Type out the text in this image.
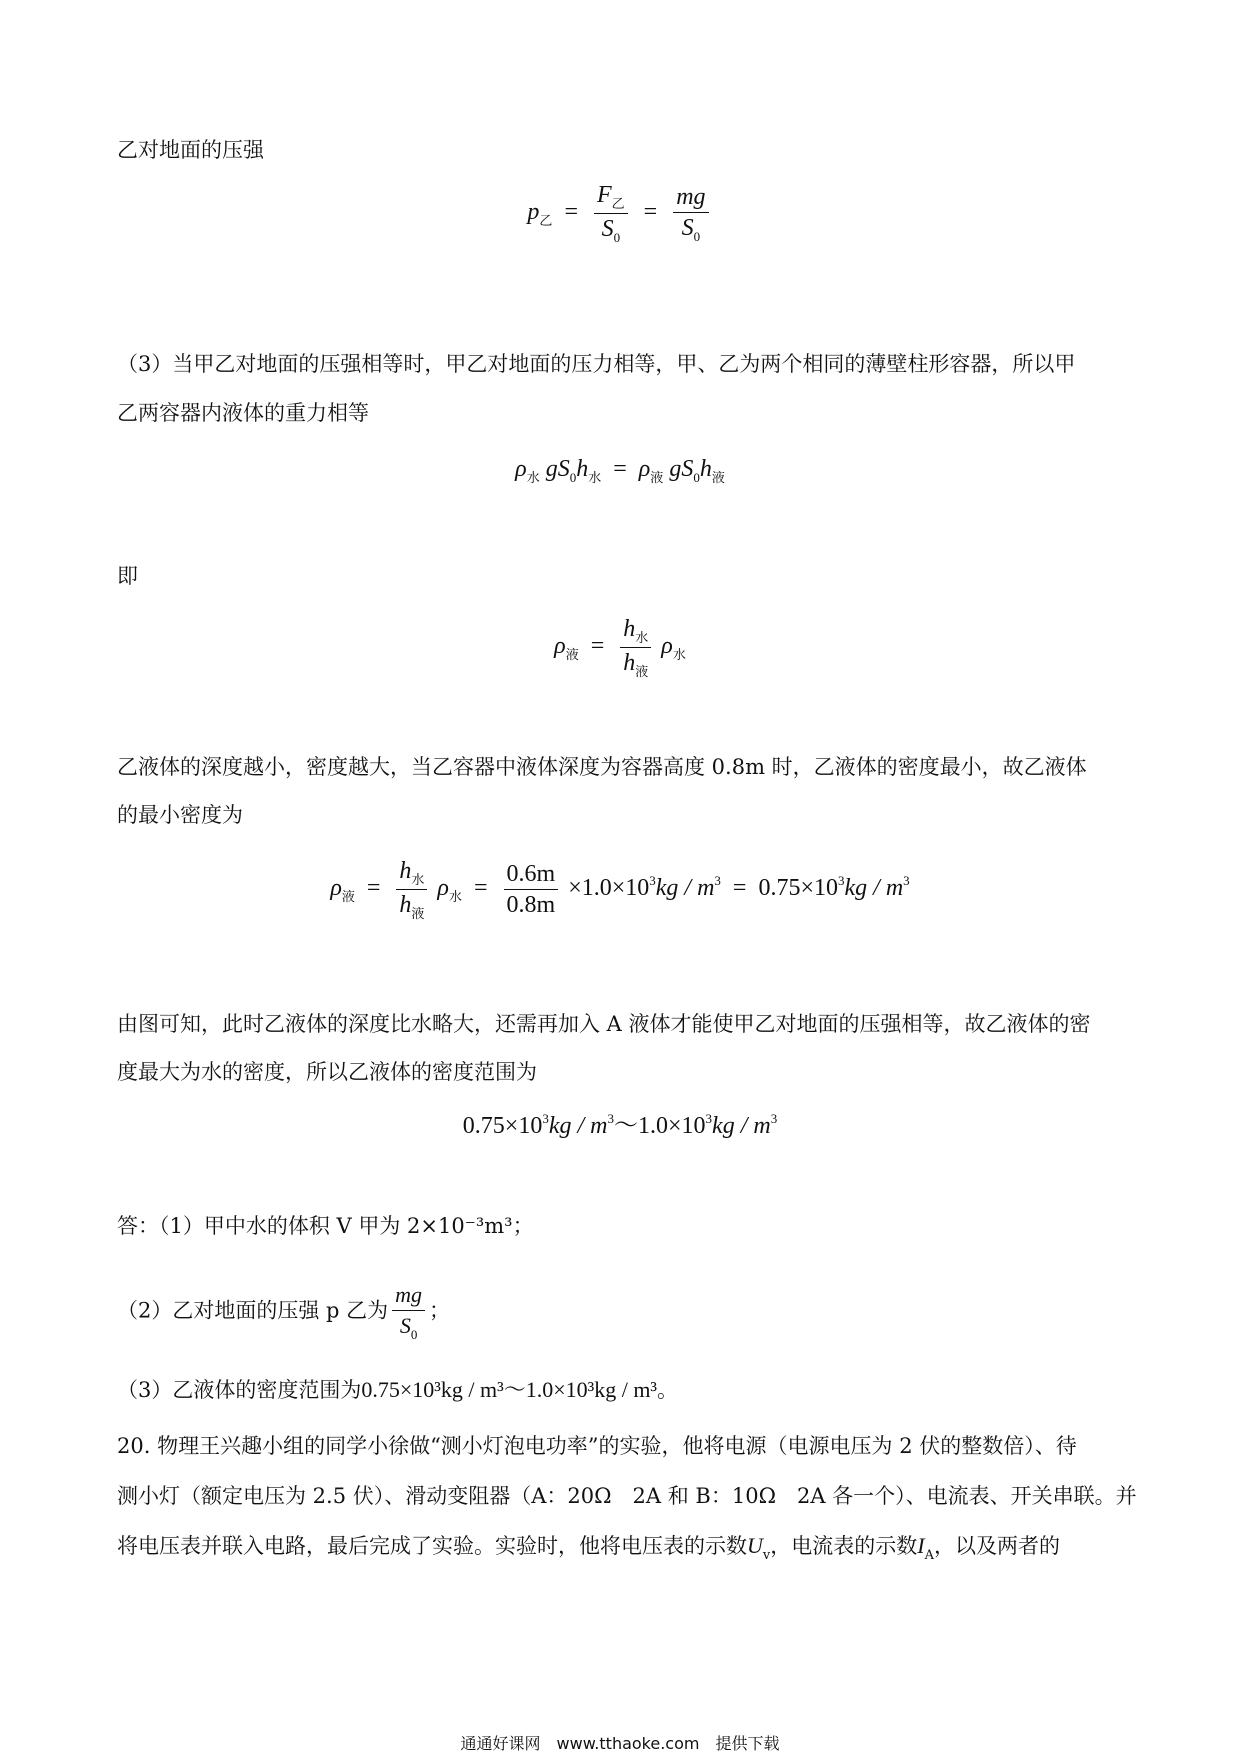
乙对地面的压强
$p_乙 = \frac{F_乙}{S_0} = \frac{mg}{S_0}$
（3）当甲乙对地面的压强相等时，甲乙对地面的压力相等，甲、乙为两个相同的薄壁柱形容器，所以甲
乙两容器内液体的重力相等
$\rho_水$ $gS_0h_水 = \rho_液$ $gS_0h_液$
即
$\rho_液 = \frac{h_水}{h_液} \rho_水$
乙液体的深度越小，密度越大，当乙容器中液体深度为容器高度 0.8m 时，乙液体的密度最小，故乙液体
的最小密度为
$\rho_液 = \frac{h_水}{h_液} \rho_水 = \frac{0.6m}{0.8m} \times 1.0\times 10^3kg / m^3 = 0.75\times 10^3kg / m^3$
由图可知，此时乙液体的深度比水略大，还需再加入 A 液体才能使甲乙对地面的压强相等，故乙液体的密
度最大为水的密度，所以乙液体的密度范围为
$0.75\times 10^3kg$ / $m^3\sim 1.0\times 10^3kg / m^3$
答：（1）甲中水的体积 V 甲为 2×10⁻³m³；
（2）乙对地面的压强 p 乙为 $\frac{mg}{S_0}$ ；
（3）乙液体的密度范围为0.75×10³kg / m³～1.0×10³kg / m³。
20. 物理王兴趣小组的同学小徐做“测小灯泡电功率”的实验，他将电源（电源电压为 2 伏的整数倍）、待
测小灯（额定电压为 2.5 伏）、滑动变阻器（A：20Ω　2A 和 B：10Ω　2A 各一个）、电流表、开关串联。并
将电压表并联入电路，最后完成了实验。实验时，他将电压表的示数$U_v$，电流表的示数$I_A$，以及两者的
通通好课网　www.tthaoke.com　提供下载
